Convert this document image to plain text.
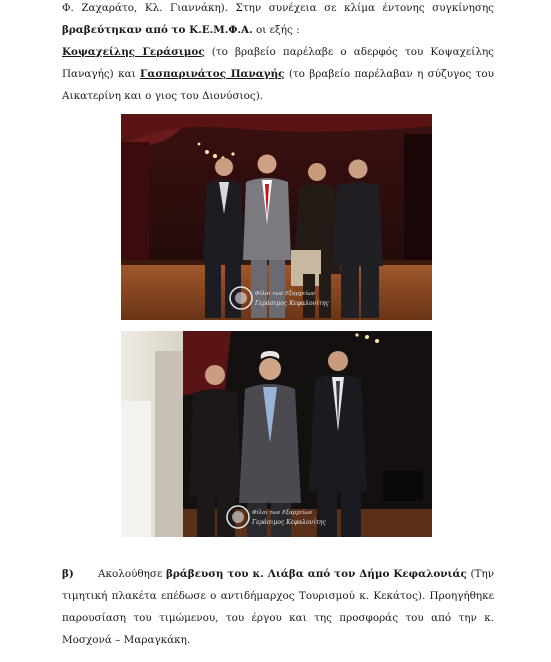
Φ. Ζαχαράτο, Κλ. Γιαννάκη). Στην συνέχεια σε κλίμα έντονης συγκίνησης
βραβεύτηκαν από το Κ.Ε.Μ.Φ.Α. οι εξής :
Κοψαχείλης Γεράσιμος (το βραβείο παρέλαβε ο αδερφός του Κοψαχείλης
Παναγής) και Γασπαρινάτος Παναγής (το βραβείο παρέλαβαν η σύζυγος του
Αικατερίνη και ο γιος του Διονύσιος).
Φίλοι των Εξαρχείων
Γεράσιμος Κεφαλονίτης
Φίλοι των Εξαρχείων
Γεράσιμος Κεφαλονίτης
β) Ακολούθησε βράβευση του κ. Λιάβα από τον Δήμο Κεφαλονιάς (Την
τιμητική πλακέτα επέδωσε ο αντιδήμαρχος Τουρισμού κ. Κεκάτος). Προηγήθηκε
παρουσίαση του τιμώμενου, του έργου και της προσφοράς του από την κ.
Μοσχονά – Μαραγκάκη.
